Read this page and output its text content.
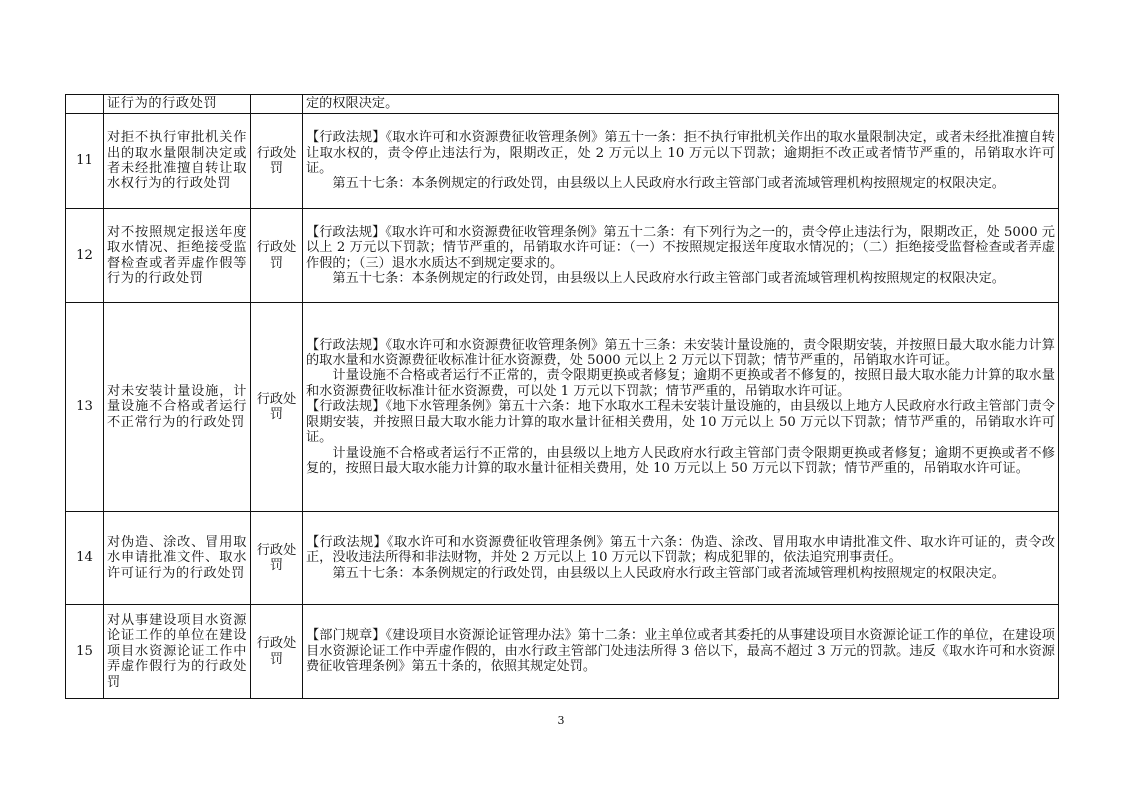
	证行为的行政处罚		定的权限决定。

11	对拒不执行审批机关作出的取水量限制决定或者未经批准擅自转让取水权行为的行政处罚	行政处罚	【行政法规】《取水许可和水资源费征收管理条例》第五十一条：拒不执行审批机关作出的取水量限制决定，或者未经批准擅自转让取水权的，责令停止违法行为，限期改正，处 2 万元以上 10 万元以下罚款；逾期拒不改正或者情节严重的，吊销取水许可证。

第五十七条：本条例规定的行政处罚，由县级以上人民政府水行政主管部门或者流域管理机构按照规定的权限决定。

12	对不按照规定报送年度取水情况、拒绝接受监督检查或者弄虚作假等行为的行政处罚	行政处罚	【行政法规】《取水许可和水资源费征收管理条例》第五十二条：有下列行为之一的，责令停止违法行为，限期改正，处 5000 元以上 2 万元以下罚款；情节严重的，吊销取水许可证：（一）不按照规定报送年度取水情况的；（二）拒绝接受监督检查或者弄虚作假的；（三）退水水质达不到规定要求的。

第五十七条：本条例规定的行政处罚，由县级以上人民政府水行政主管部门或者流域管理机构按照规定的权限决定。

13	对未安装计量设施，计量设施不合格或者运行不正常行为的行政处罚	行政处罚	【行政法规】《取水许可和水资源费征收管理条例》第五十三条：未安装计量设施的，责令限期安装，并按照日最大取水能力计算的取水量和水资源费征收标准计征水资源费，处 5000 元以上 2 万元以下罚款；情节严重的，吊销取水许可证。

计量设施不合格或者运行不正常的，责令限期更换或者修复；逾期不更换或者不修复的，按照日最大取水能力计算的取水量和水资源费征收标准计征水资源费，可以处 1 万元以下罚款；情节严重的，吊销取水许可证。

【行政法规】《地下水管理条例》第五十六条：地下水取水工程未安装计量设施的，由县级以上地方人民政府水行政主管部门责令限期安装，并按照日最大取水能力计算的取水量计征相关费用，处 10 万元以上 50 万元以下罚款；情节严重的，吊销取水许可证。

计量设施不合格或者运行不正常的，由县级以上地方人民政府水行政主管部门责令限期更换或者修复；逾期不更换或者不修复的，按照日最大取水能力计算的取水量计征相关费用，处 10 万元以上 50 万元以下罚款；情节严重的，吊销取水许可证。

14	对伪造、涂改、冒用取水申请批准文件、取水许可证行为的行政处罚	行政处罚	【行政法规】《取水许可和水资源费征收管理条例》第五十六条：伪造、涂改、冒用取水申请批准文件、取水许可证的，责令改正，没收违法所得和非法财物，并处 2 万元以上 10 万元以下罚款；构成犯罪的，依法追究刑事责任。

第五十七条：本条例规定的行政处罚，由县级以上人民政府水行政主管部门或者流域管理机构按照规定的权限决定。

15	对从事建设项目水资源论证工作的单位在建设项目水资源论证工作中弄虚作假行为的行政处罚	行政处罚	【部门规章】《建设项目水资源论证管理办法》第十二条：业主单位或者其委托的从事建设项目水资源论证工作的单位，在建设项目水资源论证工作中弄虚作假的，由水行政主管部门处违法所得 3 倍以下，最高不超过 3 万元的罚款。违反《取水许可和水资源费征收管理条例》第五十条的，依照其规定处罚。

3
